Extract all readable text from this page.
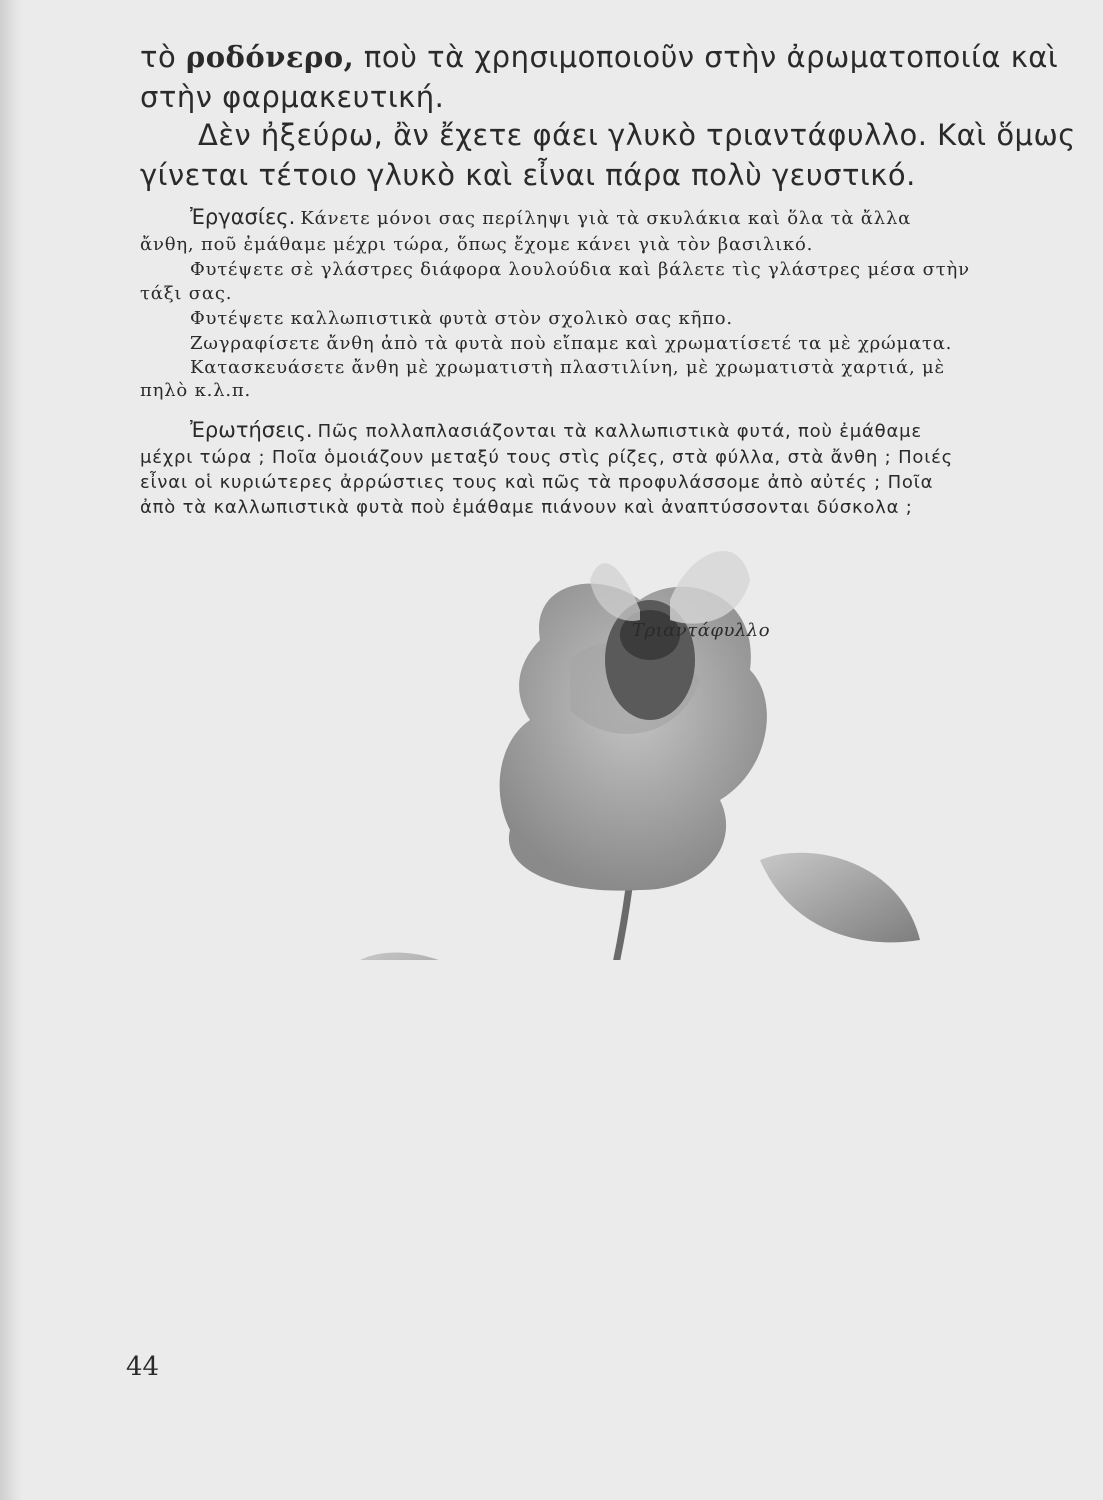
τὸ ροδόνερο, ποὺ τὰ χρησιμοποιοῦν στὴν ἀρωματοποιία καὶ
στὴν φαρμακευτική.
Δὲν ἠξεύρω, ἂν ἔχετε φάει γλυκὸ τριαντάφυλλο. Καὶ ὅμως
γίνεται τέτοιο γλυκὸ καὶ εἶναι πάρα πολὺ γευστικό.
Ἐργασίες. Κάνετε μόνοι σας περίληψι γιὰ τὰ σκυλάκια καὶ ὅλα τὰ ἄλλα
ἄνθη, ποῦ ἐμάθαμε μέχρι τώρα, ὅπως ἔχομε κάνει γιὰ τὸν βασιλικό.
Φυτέψετε σὲ γλάστρες διάφορα λουλούδια καὶ βάλετε τὶς γλάστρες μέσα στὴν
τάξι σας.
Φυτέψετε καλλωπιστικὰ φυτὰ στὸν σχολικὸ σας κῆπο.
Ζωγραφίσετε ἄνθη ἀπὸ τὰ φυτὰ ποὺ εἴπαμε καὶ χρωματίσετέ τα μὲ χρώματα.
Κατασκευάσετε ἄνθη μὲ χρωματιστὴ πλαστιλίνη, μὲ χρωματιστὰ χαρτιά, μὲ
πηλὸ κ.λ.π.
Ἐρωτήσεις. Πῶς πολλαπλασιάζονται τὰ καλλωπιστικὰ φυτά, ποὺ ἐμάθαμε
μέχρι τώρα ; Ποῖα ὁμοιάζουν μεταξύ τους στὶς ρίζες, στὰ φύλλα, στὰ ἄνθη ; Ποιές
εἶναι οἱ κυριώτερες ἀρρώστιες τους καὶ πῶς τὰ προφυλάσσομε ἀπὸ αὐτές ; Ποῖα
ἀπὸ τὰ καλλωπιστικὰ φυτὰ ποὺ ἐμάθαμε πιάνουν καὶ ἀναπτύσσονται δύσκολα ;
Τριαντάφυλλο
44
